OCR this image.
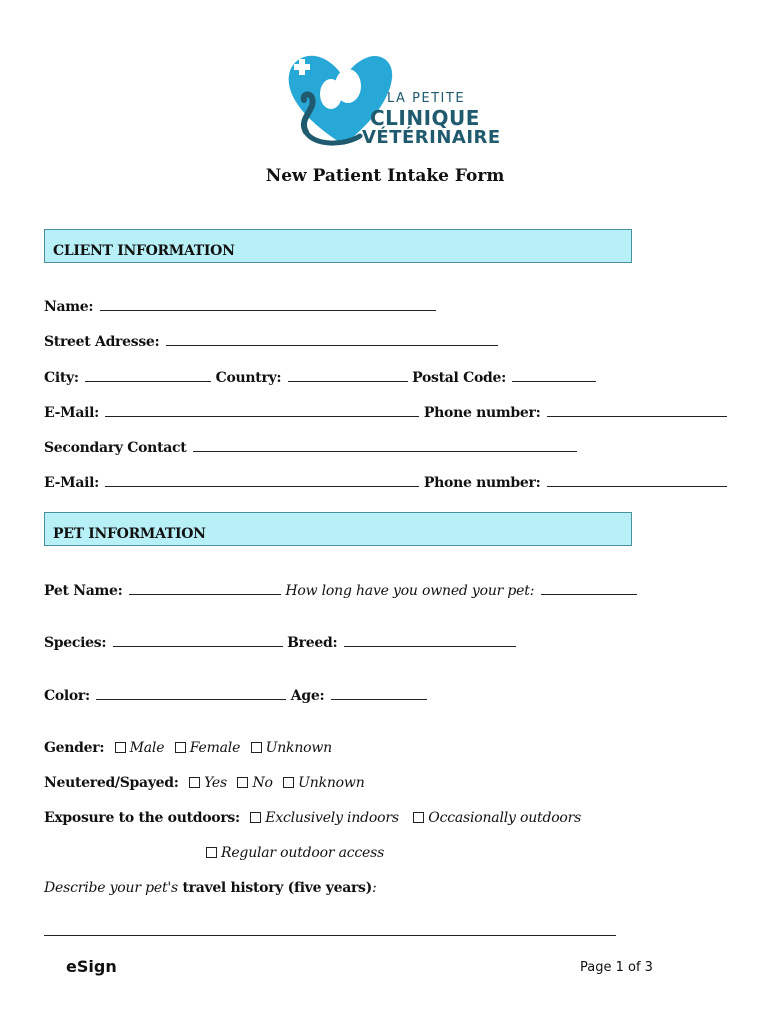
LA PETITE
CLINIQUE
VÉTÉRINAIRE
New Patient Intake Form
CLIENT INFORMATION
Name:
Street Adresse:
City:	Country:	Postal Code:
E-Mail:	Phone number:
Secondary Contact
E-Mail:	Phone number:
PET INFORMATION
Pet Name:	How long have you owned your pet:
Species:	Breed:
Color:	Age:
Gender: Male Female Unknown
Neutered/Spayed: Yes No Unknown
Exposure to the outdoors: Exclusively indoors Occasionally outdoors
Regular outdoor access
Describe your pet's travel history (five years):
eSign	Page 1 of 3
